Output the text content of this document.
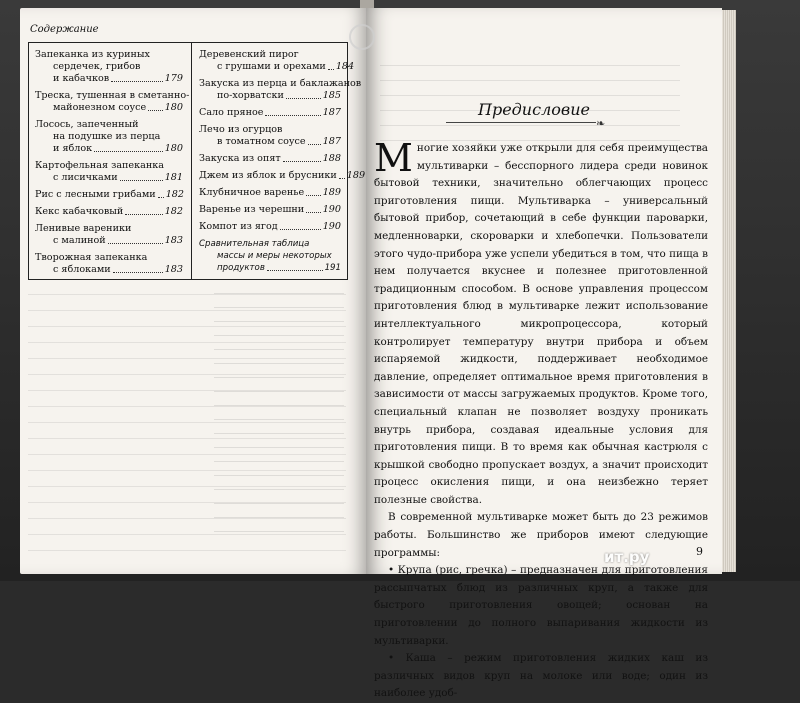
Содержание
Запеканка из куриных
сердечек, грибов
и кабачков	179
Треска, тушенная в сметанно-
майонезном соусе 180
Лосось, запеченный
на подушке из перца
и яблок	180
Картофельная запеканка
с лисичками	181
Рис с лесными грибами 182
Кекс кабачковый	182
Ленивые вареники
с малиной	183
Творожная запеканка
с яблоками	183
Деревенский пирог
с грушами и орехами 184
Закуска из перца и баклажанов
по-хорватски	185
Сало пряное	187
Лечо из огурцов
в томатном соусе 187
Закуска из опят	188
Джем из яблок и брусники 189
Клубничное варенье 189
Варенье из черешни 190
Компот из ягод	190
Сравнительная таблица
массы и меры некоторых
продуктов	191
Предисловие
❧

Многие хозяйки уже открыли для себя преимущества мультиварки – бесспорного лидера среди новинок бытовой техники, значительно облегчающих процесс приготовления пищи. Мультиварка – универсальный бытовой прибор, сочетающий в себе функции пароварки, медленноварки, скороварки и хлебопечки. Пользователи этого чудо-прибора уже успели убедиться в том, что пища в нем получается вкуснее и полезнее приготовленной традиционным способом. В основе управления процессом приготовления блюд в мультиварке лежит использование интеллектуального микропроцессора, который контролирует температуру внутри прибора и объем испаряемой жидкости, поддерживает необходимое давление, определяет оптимальное время приготовления в зависимости от массы загружаемых продуктов. Кроме того, специальный клапан не позволяет воздуху проникать внутрь прибора, создавая идеальные условия для приготовления пищи. В то время как обычная кастрюля с крышкой свободно пропускает воздух, а значит происходит процесс окисления пищи, и она неизбежно теряет полезные свойства.

В современной мультиварке может быть до 23 режимов работы. Большинство же приборов имеют следующие программы:

• Крупа (рис, гречка) – предназначен для приготовления рассыпчатых блюд из различных круп, а также для быстрого приготовления овощей; основан на приготовлении до полного выпаривания жидкости из мультиварки.

• Каша – режим приготовления жидких каш из различных видов круп на молоке или воде; один из наиболее удоб-

ит.ру	9
